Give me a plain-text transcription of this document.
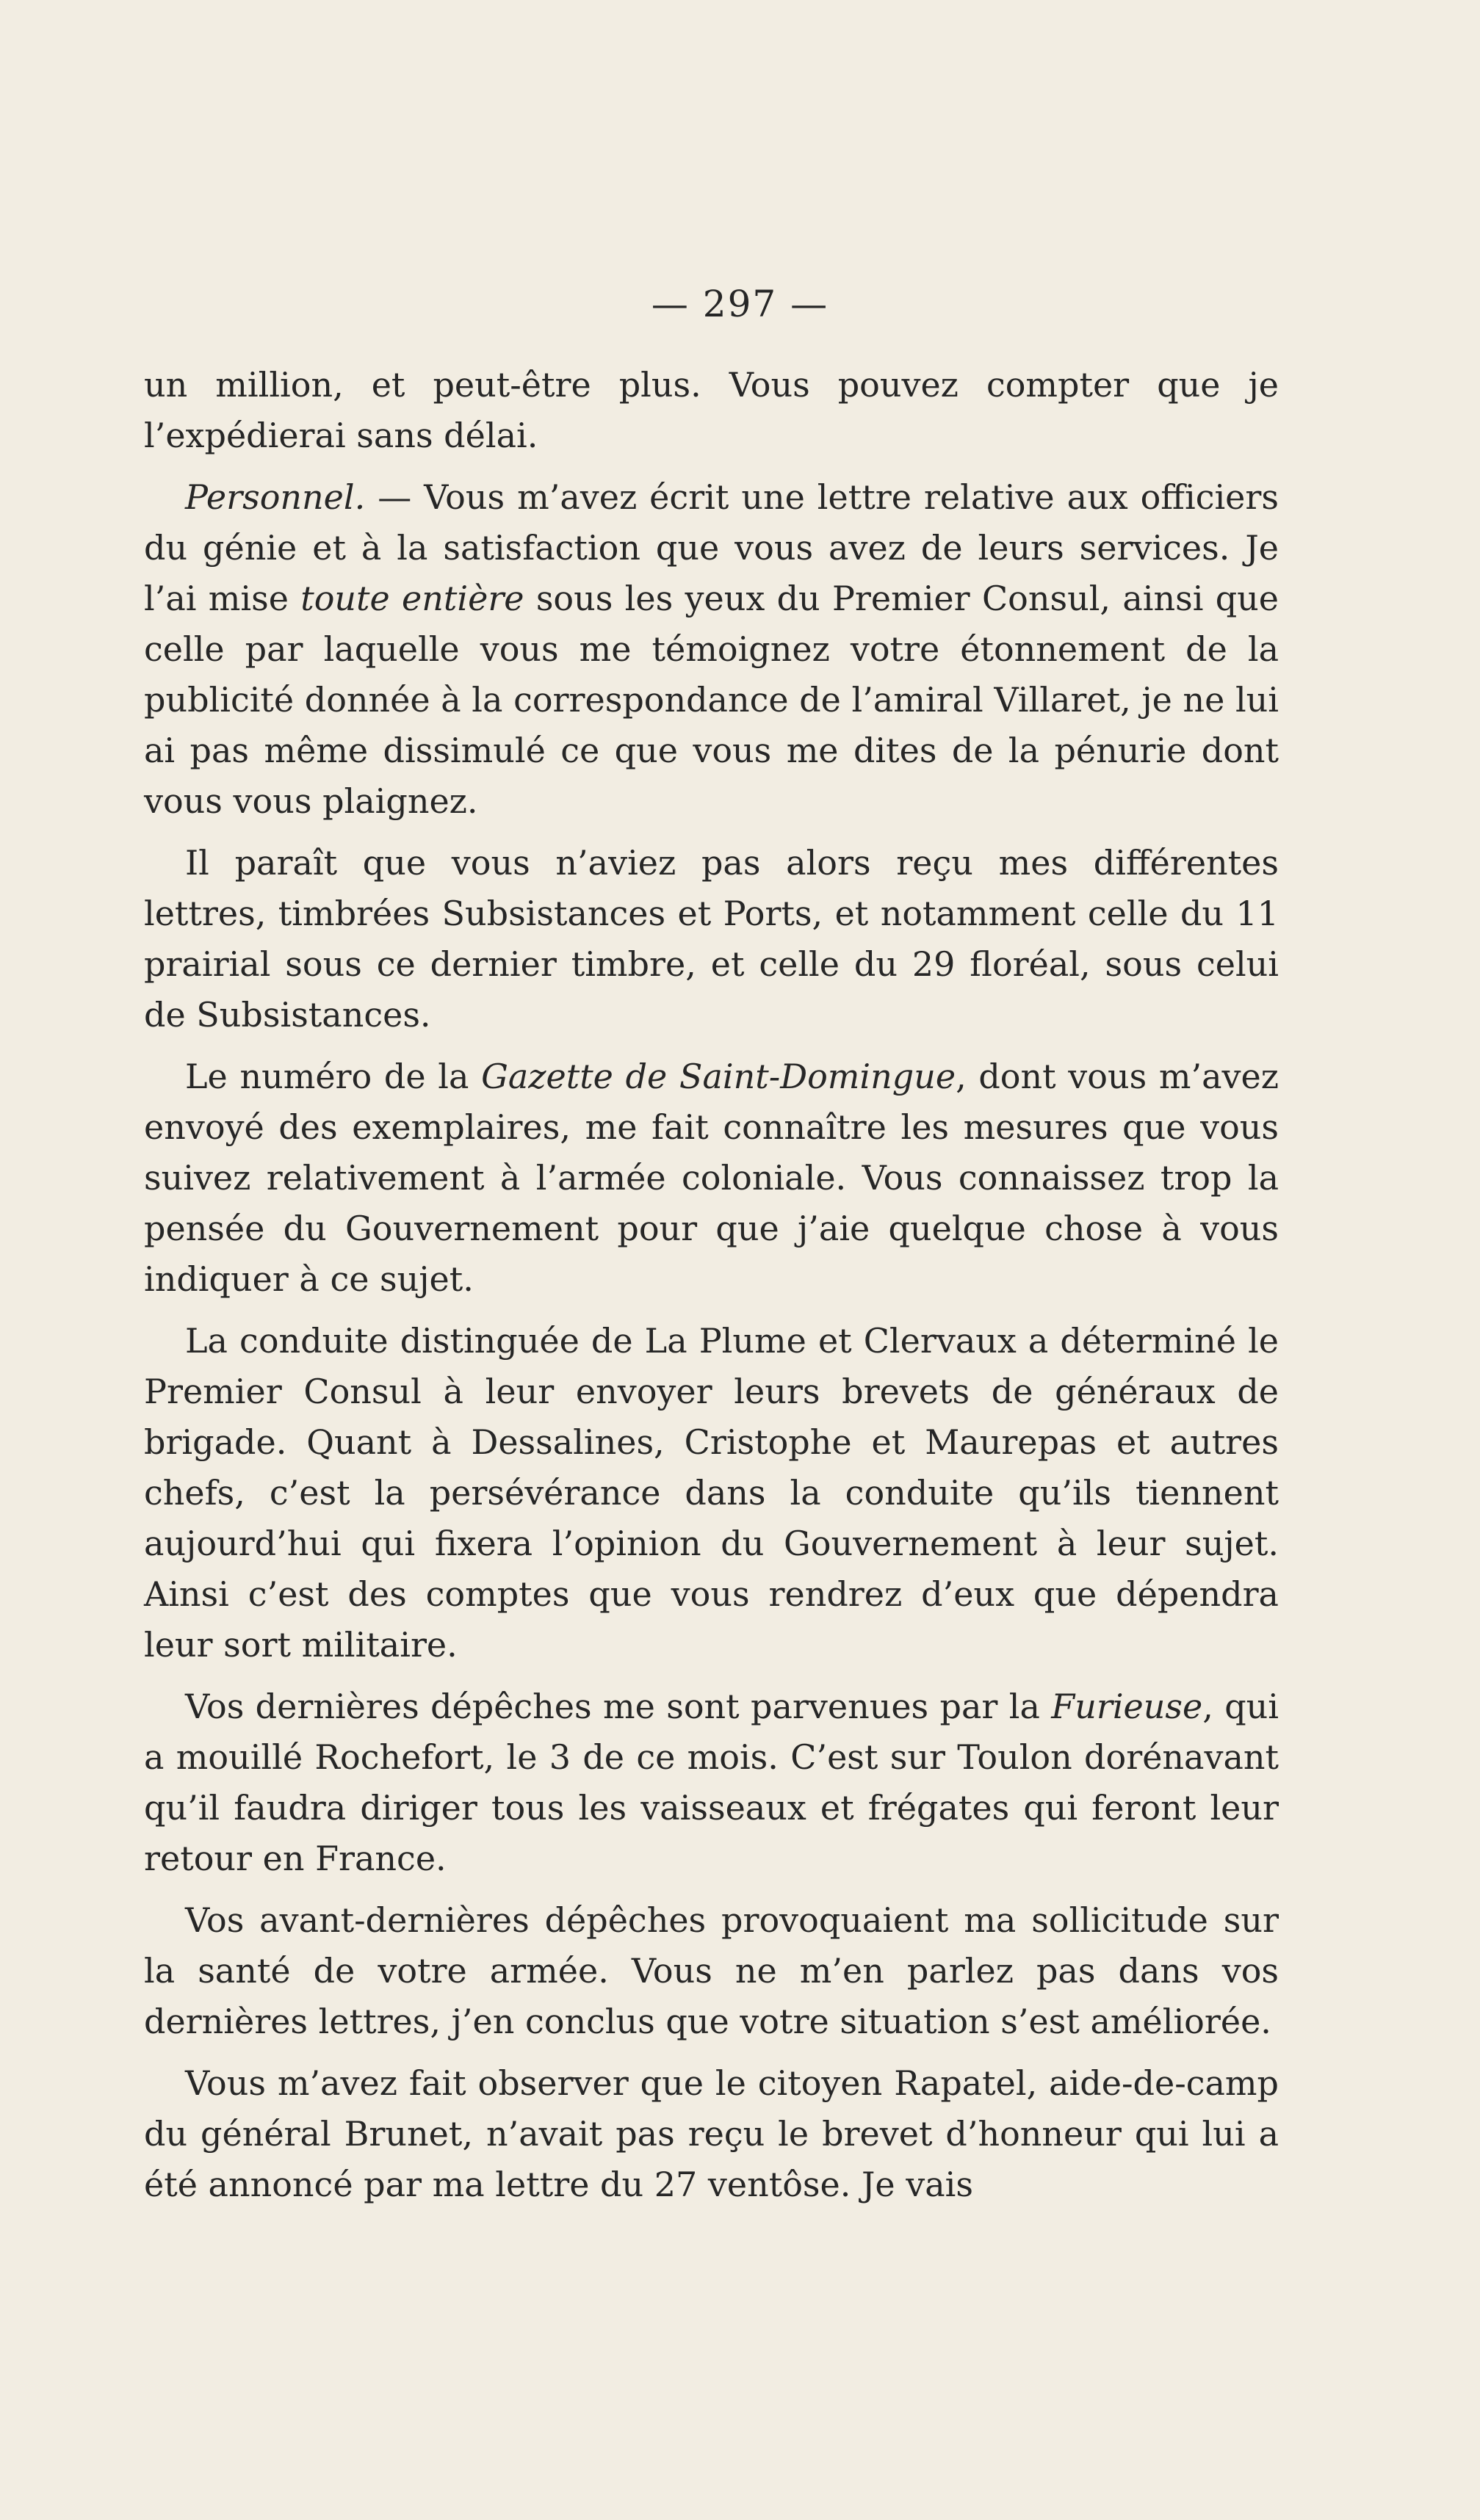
— 297 —

un million, et peut-être plus. Vous pouvez compter que je l’expédierai sans délai.

Personnel. — Vous m’avez écrit une lettre relative aux officiers du génie et à la satisfaction que vous avez de leurs services. Je l’ai mise toute entière sous les yeux du Premier Consul, ainsi que celle par laquelle vous me témoignez votre étonnement de la publicité donnée à la correspondance de l’amiral Villaret, je ne lui ai pas même dissimulé ce que vous me dites de la pénurie dont vous vous plaignez.

Il paraît que vous n’aviez pas alors reçu mes différentes lettres, timbrées Subsistances et Ports, et notamment celle du 11 prairial sous ce dernier timbre, et celle du 29 floréal, sous celui de Subsistances.

Le numéro de la Gazette de Saint-Domingue, dont vous m’avez envoyé des exemplaires, me fait connaître les mesures que vous suivez relativement à l’armée coloniale. Vous connaissez trop la pensée du Gouvernement pour que j’aie quelque chose à vous indiquer à ce sujet.

La conduite distinguée de La Plume et Clervaux a déterminé le Premier Consul à leur envoyer leurs brevets de généraux de brigade. Quant à Dessalines, Cristophe et Maurepas et autres chefs, c’est la persévérance dans la conduite qu’ils tiennent aujourd’hui qui fixera l’opinion du Gouvernement à leur sujet. Ainsi c’est des comptes que vous rendrez d’eux que dépendra leur sort militaire.

Vos dernières dépêches me sont parvenues par la Furieuse, qui a mouillé Rochefort, le 3 de ce mois. C’est sur Toulon dorénavant qu’il faudra diriger tous les vaisseaux et frégates qui feront leur retour en France.

Vos avant-dernières dépêches provoquaient ma sollicitude sur la santé de votre armée. Vous ne m’en parlez pas dans vos dernières lettres, j’en conclus que votre situation s’est améliorée.

Vous m’avez fait observer que le citoyen Rapatel, aide-de-camp du général Brunet, n’avait pas reçu le brevet d’honneur qui lui a été annoncé par ma lettre du 27 ventôse. Je vais
